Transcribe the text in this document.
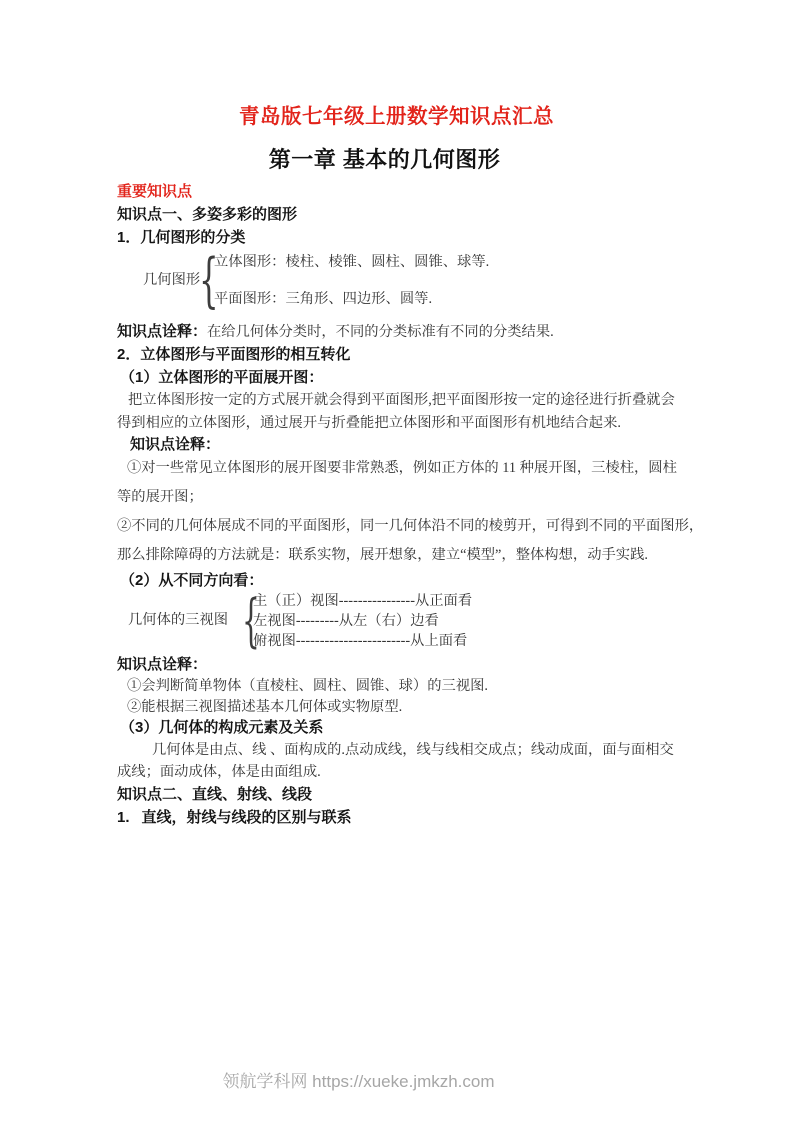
青岛版七年级上册数学知识点汇总
第一章 基本的几何图形
重要知识点
知识点一、多姿多彩的图形
1．几何图形的分类
几何图形
{
立体图形：棱柱、棱锥、圆柱、圆锥、球等.
平面图形：三角形、四边形、圆等.
知识点诠释：在给几何体分类时，不同的分类标准有不同的分类结果.
2．立体图形与平面图形的相互转化
（1）立体图形的平面展开图：
把立体图形按一定的方式展开就会得到平面图形,把平面图形按一定的途径进行折叠就会
得到相应的立体图形，通过展开与折叠能把立体图形和平面图形有机地结合起来.
知识点诠释：
①对一些常见立体图形的展开图要非常熟悉，例如正方体的 11 种展开图，三棱柱，圆柱
等的展开图；
②不同的几何体展成不同的平面图形，同一几何体沿不同的棱剪开，可得到不同的平面图形，
那么排除障碍的方法就是：联系实物，展开想象，建立“模型”，整体构想，动手实践.
（2）从不同方向看：
几何体的三视图 {
主（正）视图----------------从正面看
左视图---------从左（右）边看
俯视图------------------------从上面看
知识点诠释：
①会判断简单物体（直棱柱、圆柱、圆锥、球）的三视图.
②能根据三视图描述基本几何体或实物原型.
（3）几何体的构成元素及关系
几何体是由点、线 、面构成的.点动成线，线与线相交成点；线动成面，面与面相交
成线；面动成体，体是由面组成.
知识点二、直线、射线、线段
1. 直线，射线与线段的区别与联系
领航学科网 https://xueke.jmkzh.com
